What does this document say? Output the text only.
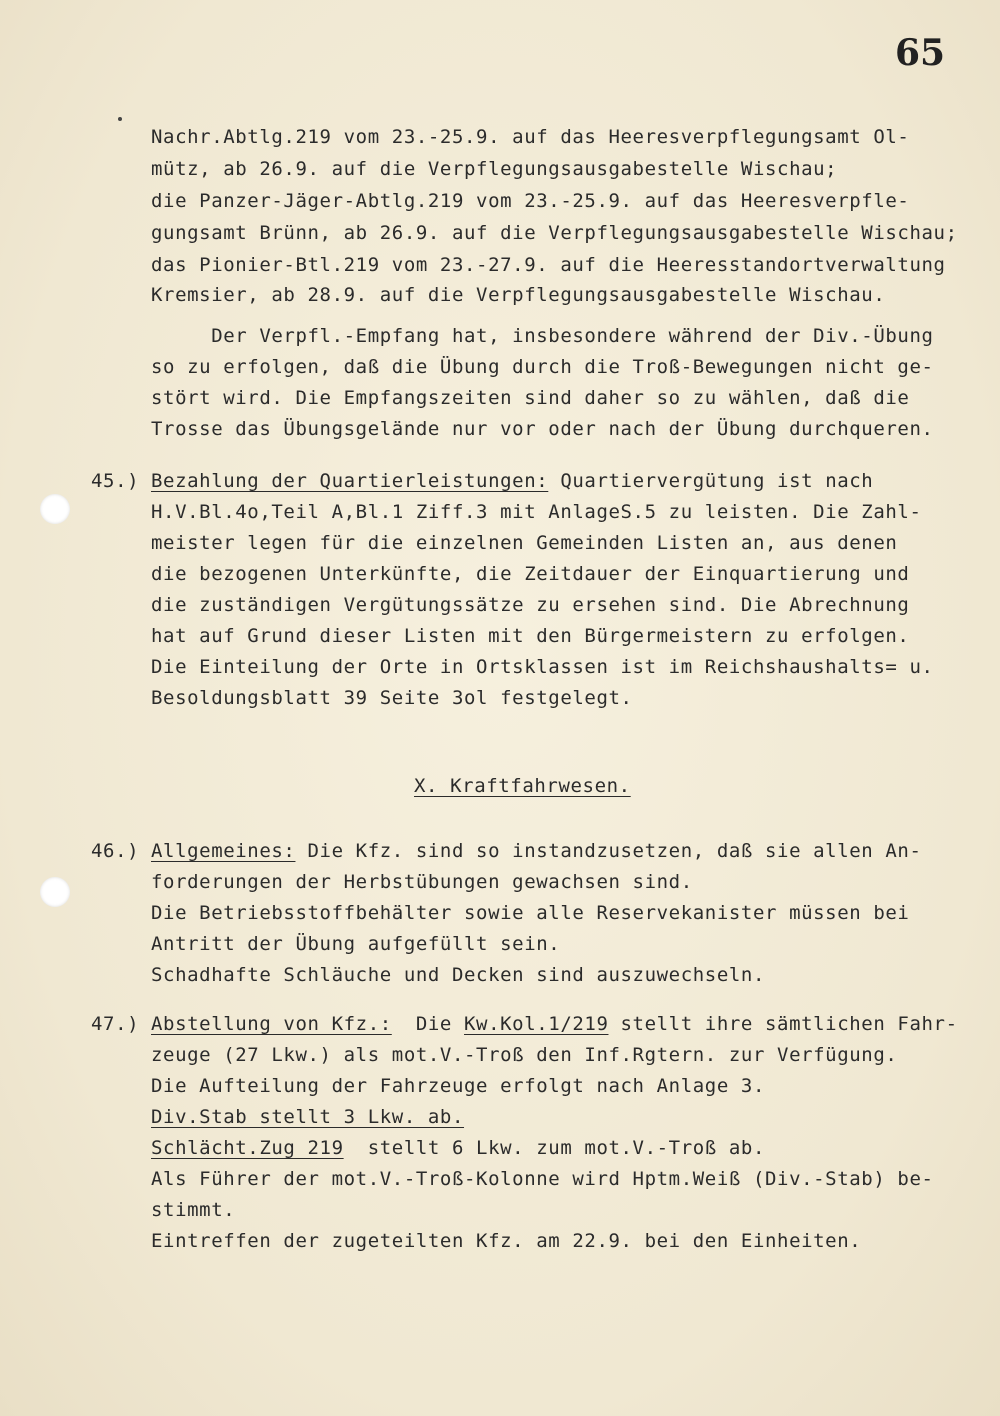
65
Nachr.Abtlg.219 vom 23.-25.9. auf das Heeresverpflegungsamt Ol-
mütz, ab 26.9. auf die Verpflegungsausgabestelle Wischau;
die Panzer-Jäger-Abtlg.219 vom 23.-25.9. auf das Heeresverpfle-
gungsamt Brünn, ab 26.9. auf die Verpflegungsausgabestelle Wischau;
das Pionier-Btl.219 vom 23.-27.9. auf die Heeresstandortverwaltung
Kremsier, ab 28.9. auf die Verpflegungsausgabestelle Wischau.
Der Verpfl.-Empfang hat, insbesondere während der Div.-Übung
so zu erfolgen, daß die Übung durch die Troß-Bewegungen nicht ge-
stört wird. Die Empfangszeiten sind daher so zu wählen, daß die
Trosse das Übungsgelände nur vor oder nach der Übung durchqueren.
45.) Bezahlung der Quartierleistungen: Quartiervergütung ist nach
H.V.Bl.4o,Teil A,Bl.1 Ziff.3 mit AnlageS.5 zu leisten. Die Zahl-
meister legen für die einzelnen Gemeinden Listen an, aus denen
die bezogenen Unterkünfte, die Zeitdauer der Einquartierung und
die zuständigen Vergütungssätze zu ersehen sind. Die Abrechnung
hat auf Grund dieser Listen mit den Bürgermeistern zu erfolgen.
Die Einteilung der Orte in Ortsklassen ist im Reichshaushalts= u.
Besoldungsblatt 39 Seite 3ol festgelegt.
X. Kraftfahrwesen.
46.) Allgemeines: Die Kfz. sind so instandzusetzen, daß sie allen An-
forderungen der Herbstübungen gewachsen sind.
Die Betriebsstoffbehälter sowie alle Reservekanister müssen bei
Antritt der Übung aufgefüllt sein.
Schadhafte Schläuche und Decken sind auszuwechseln.
47.) Abstellung von Kfz.:  Die Kw.Kol.1/219 stellt ihre sämtlichen Fahr-
zeuge (27 Lkw.) als mot.V.-Troß den Inf.Rgtern. zur Verfügung.
Die Aufteilung der Fahrzeuge erfolgt nach Anlage 3.
Div.Stab stellt 3 Lkw. ab.
Schlächt.Zug 219  stellt 6 Lkw. zum mot.V.-Troß ab.
Als Führer der mot.V.-Troß-Kolonne wird Hptm.Weiß (Div.-Stab) be-
stimmt.
Eintreffen der zugeteilten Kfz. am 22.9. bei den Einheiten.
